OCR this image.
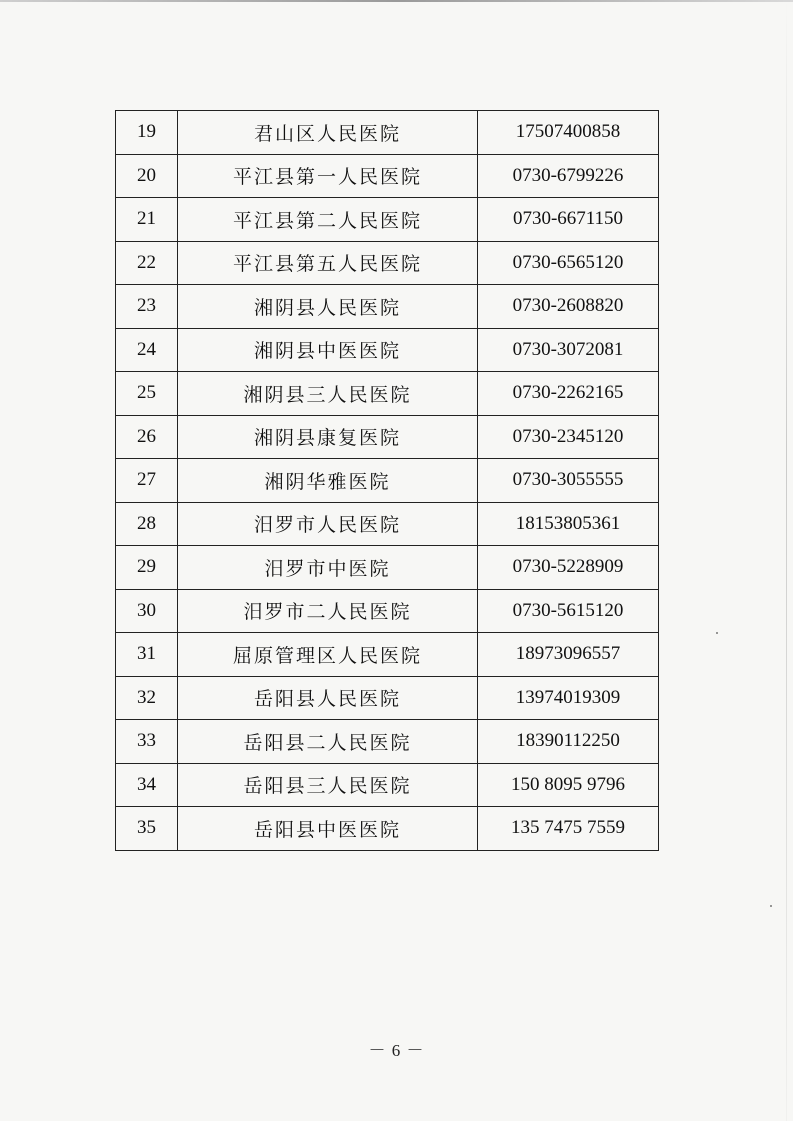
19	君山区人民医院	17507400858
20	平江县第一人民医院	0730-6799226
21	平江县第二人民医院	0730-6671150
22	平江县第五人民医院	0730-6565120
23	湘阴县人民医院	0730-2608820
24	湘阴县中医医院	0730-3072081
25	湘阴县三人民医院	0730-2262165
26	湘阴县康复医院	0730-2345120
27	湘阴华雅医院	0730-3055555
28	汨罗市人民医院	18153805361
29	汨罗市中医院	0730-5228909
30	汨罗市二人民医院	0730-5615120
31	屈原管理区人民医院	18973096557
32	岳阳县人民医院	13974019309
33	岳阳县二人民医院	18390112250
34	岳阳县三人民医院	150 8095 9796
35	岳阳县中医医院	135 7475 7559
－ 6 －
